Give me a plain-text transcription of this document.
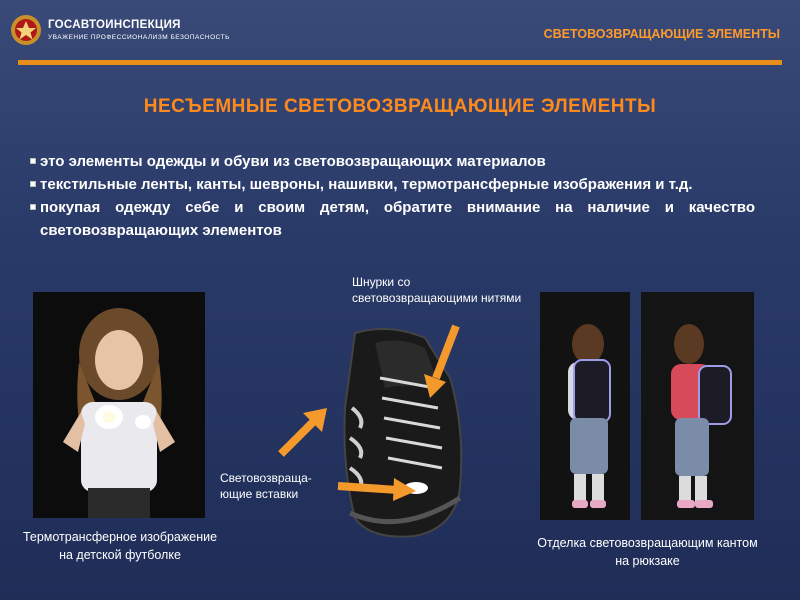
ГОСАВТОИНСПЕКЦИЯ
УВАЖЕНИЕ ПРОФЕССИОНАЛИЗМ БЕЗОПАСНОСТЬ	СВЕТОВОЗВРАЩАЮЩИЕ ЭЛЕМЕНТЫ
НЕСЪЕМНЫЕ СВЕТОВОЗВРАЩАЮЩИЕ ЭЛЕМЕНТЫ
это элементы одежды и обуви из световозвращающих материалов
текстильные ленты, канты, шевроны, нашивки, термотрансферные изображения и т.д.
покупая одежду себе и своим детям, обратите внимание на наличие и качество световозвращающих элементов
Термотрансферное изображение на детской футболке
Шнурки со световозвращающими нитями
Световозвраща-ющие вставки
Отделка световозвращающим кантом на рюкзаке
